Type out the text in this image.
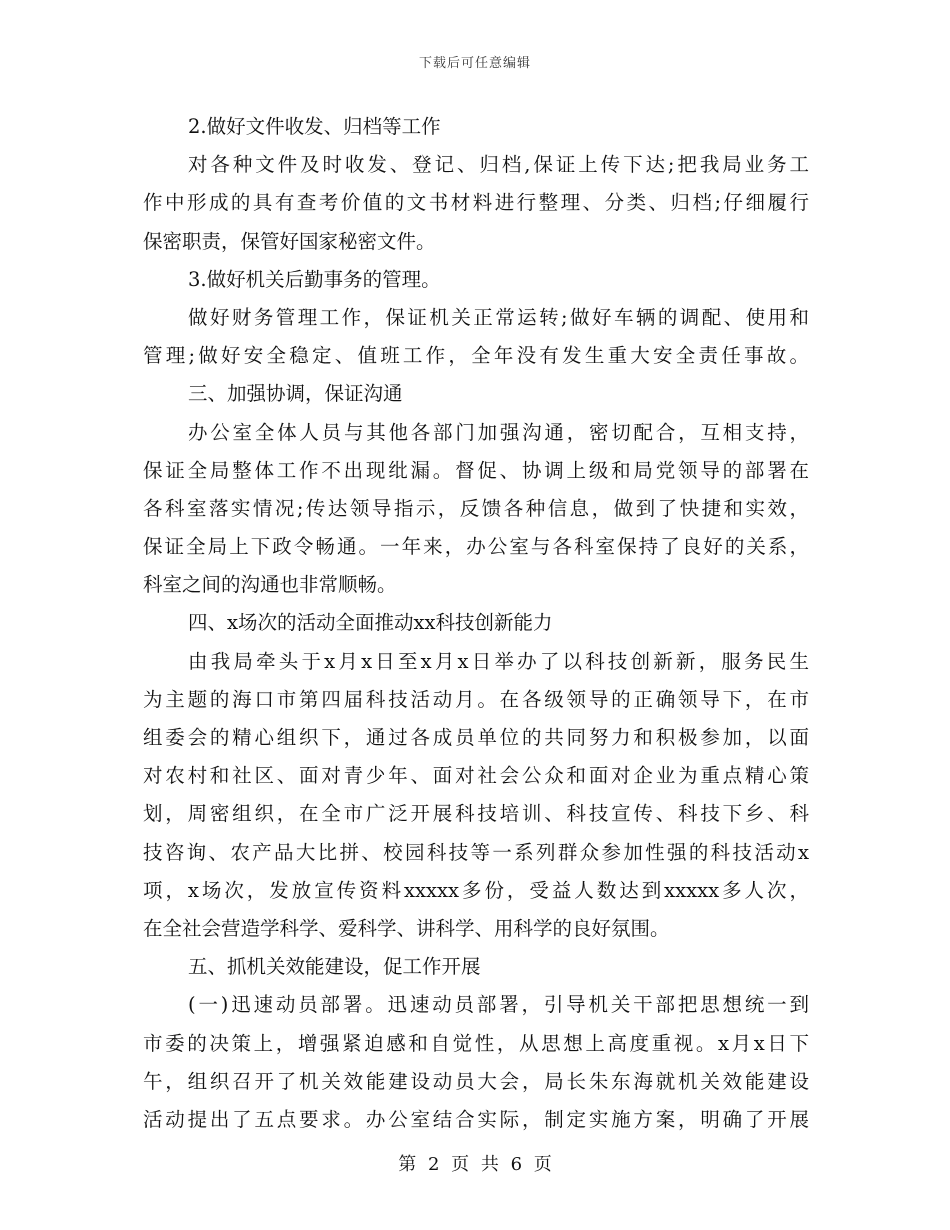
下载后可任意编辑
2.做好文件收发、归档等工作
对各种文件及时收发、登记、归档,保证上传下达;把我局业务工
作中形成的具有查考价值的文书材料进行整理、分类、归档;仔细履行
保密职责，保管好国家秘密文件。
3.做好机关后勤事务的管理。
做好财务管理工作，保证机关正常运转;做好车辆的调配、使用和
管理;做好安全稳定、值班工作，全年没有发生重大安全责任事故。
三、加强协调，保证沟通
办公室全体人员与其他各部门加强沟通，密切配合，互相支持，
保证全局整体工作不出现纰漏。督促、协调上级和局党领导的部署在
各科室落实情况;传达领导指示，反馈各种信息，做到了快捷和实效，
保证全局上下政令畅通。一年来，办公室与各科室保持了良好的关系，
科室之间的沟通也非常顺畅。
四、x场次的活动全面推动xx科技创新能力
由我局牵头于x月x日至x月x日举办了以科技创新新，服务民生
为主题的海口市第四届科技活动月。在各级领导的正确领导下，在市
组委会的精心组织下，通过各成员单位的共同努力和积极参加，以面
对农村和社区、面对青少年、面对社会公众和面对企业为重点精心策
划，周密组织，在全市广泛开展科技培训、科技宣传、科技下乡、科
技咨询、农产品大比拼、校园科技等一系列群众参加性强的科技活动x
项，x场次，发放宣传资料xxxxx多份，受益人数达到xxxxx多人次，
在全社会营造学科学、爱科学、讲科学、用科学的良好氛围。
五、抓机关效能建设，促工作开展
(一)迅速动员部署。迅速动员部署，引导机关干部把思想统一到
市委的决策上，增强紧迫感和自觉性，从思想上高度重视。x月x日下
午，组织召开了机关效能建设动员大会，局长朱东海就机关效能建设
活动提出了五点要求。办公室结合实际，制定实施方案，明确了开展
第 2 页 共 6 页
